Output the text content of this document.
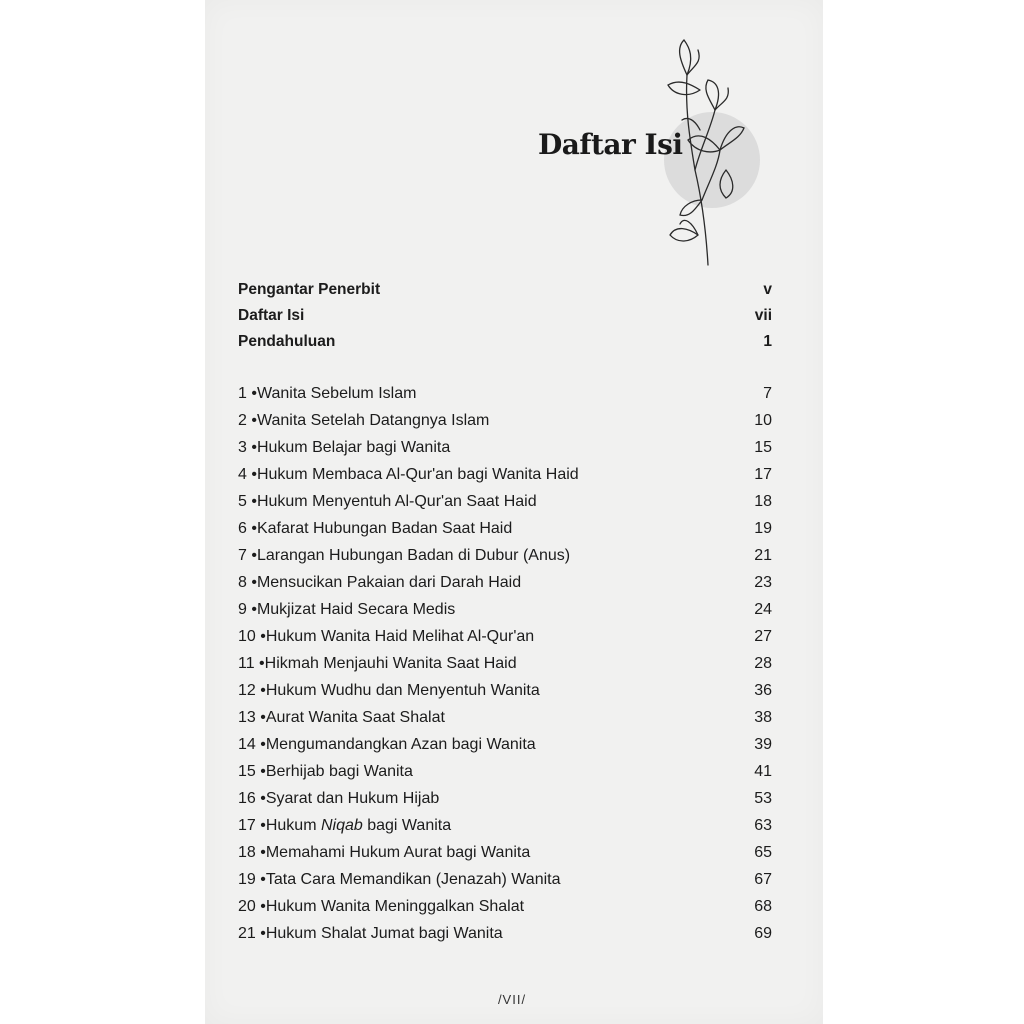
Daftar Isi
Pengantar Penerbit	v
Daftar Isi	vii
Pendahuluan	1
1 • Wanita Sebelum Islam	7
2 • Wanita Setelah Datangnya Islam	10
3 • Hukum Belajar bagi Wanita	15
4 • Hukum Membaca Al-Qur'an bagi Wanita Haid	17
5 • Hukum Menyentuh Al-Qur'an Saat Haid	18
6 • Kafarat Hubungan Badan Saat Haid	19
7 • Larangan Hubungan Badan di Dubur (Anus)	21
8 • Mensucikan Pakaian dari Darah Haid	23
9 • Mukjizat Haid Secara Medis	24
10 • Hukum Wanita Haid Melihat Al-Qur'an	27
11 • Hikmah Menjauhi Wanita Saat Haid	28
12 • Hukum Wudhu dan Menyentuh Wanita	36
13 • Aurat Wanita Saat Shalat	38
14 • Mengumandangkan Azan bagi Wanita	39
15 • Berhijab bagi Wanita	41
16 • Syarat dan Hukum Hijab	53
17 • Hukum Niqab bagi Wanita	63
18 • Memahami Hukum Aurat bagi Wanita	65
19 • Tata Cara Memandikan (Jenazah) Wanita	67
20 • Hukum Wanita Meninggalkan Shalat	68
21 • Hukum Shalat Jumat bagi Wanita	69
/VII/
